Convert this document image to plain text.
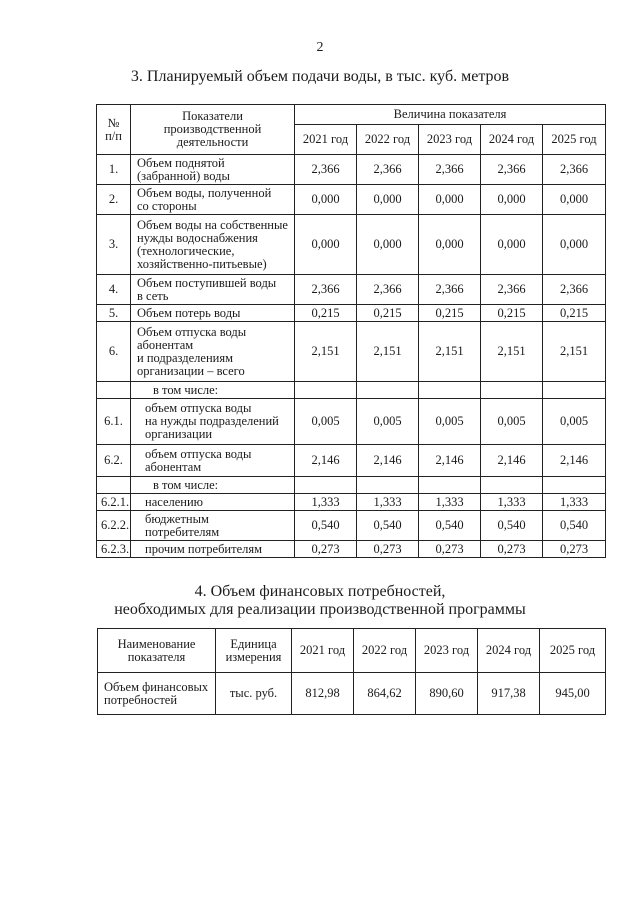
2
3. Планируемый объем подачи воды, в тыс. куб. метров
№
п/п	Показатели
производственной
деятельности	Величина показателя				
		2021 год	2022 год	2023 год	2024 год	2025 год
1.	Объем поднятой
(забранной) воды	2,366	2,366	2,366	2,366	2,366
2.	Объем воды, полученной
со стороны	0,000	0,000	0,000	0,000	0,000
3.	Объем воды на собственные
нужды водоснабжения
(технологические,
хозяйственно-питьевые)	0,000	0,000	0,000	0,000	0,000
4.	Объем поступившей воды
в сеть	2,366	2,366	2,366	2,366	2,366
5.	Объем потерь воды	0,215	0,215	0,215	0,215	0,215
6.	Объем отпуска воды
абонентам
и подразделениям
организации – всего	2,151	2,151	2,151	2,151	2,151
	в том числе:					
6.1.	объем отпуска воды
на нужды подразделений
организации	0,005	0,005	0,005	0,005	0,005
6.2.	объем отпуска воды
абонентам	2,146	2,146	2,146	2,146	2,146
	в том числе:					
6.2.1.	населению	1,333	1,333	1,333	1,333	1,333
6.2.2.	бюджетным
потребителям	0,540	0,540	0,540	0,540	0,540
6.2.3.	прочим потребителям	0,273	0,273	0,273	0,273	0,273
4. Объем финансовых потребностей,
необходимых для реализации производственной программы
Наименование
показателя	Единица
измерения	2021 год	2022 год	2023 год	2024 год	2025 год
Объем финансовых
потребностей	тыс. руб.	812,98	864,62	890,60	917,38	945,00
